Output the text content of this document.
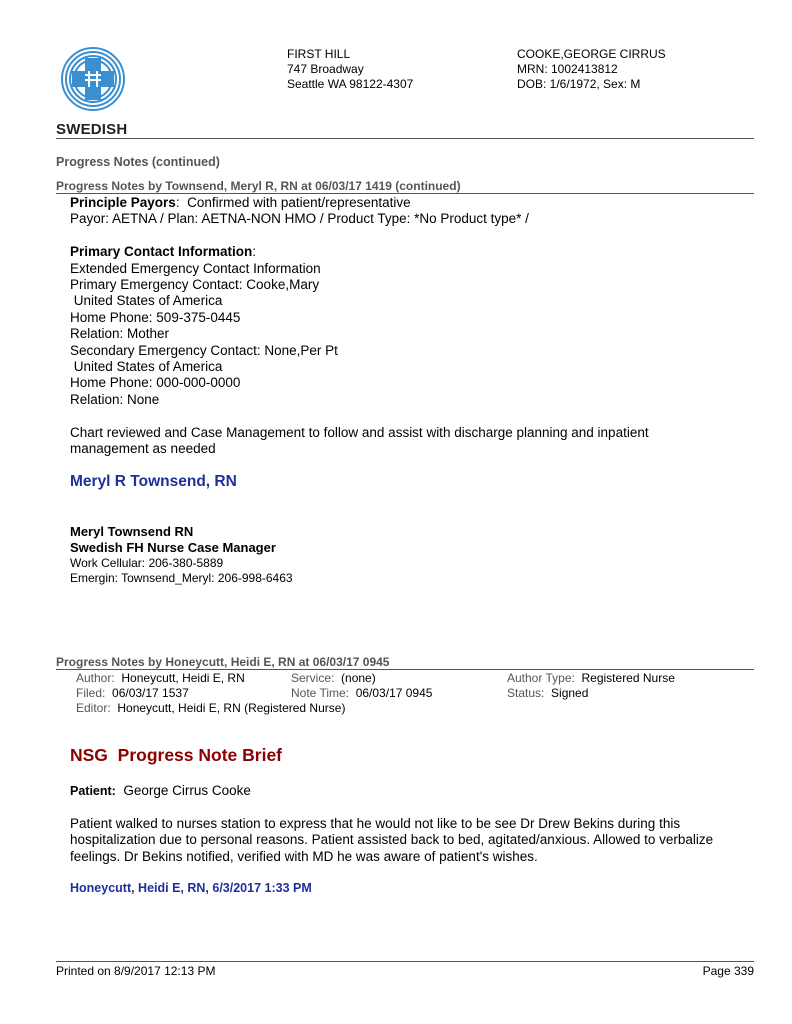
SWEDISH
FIRST HILL
747 Broadway
Seattle WA 98122-4307
COOKE,GEORGE CIRRUS
MRN: 1002413812
DOB: 1/6/1972, Sex: M
Progress Notes (continued)
Progress Notes by Townsend, Meryl R, RN at 06/03/17 1419 (continued)
Principle Payors:  Confirmed with patient/representative
Payor: AETNA / Plan: AETNA-NON HMO / Product Type: *No Product type* /
Primary Contact Information:
Extended Emergency Contact Information
Primary Emergency Contact: Cooke,Mary
United States of America
Home Phone: 509-375-0445
Relation: Mother
Secondary Emergency Contact: None,Per Pt
United States of America
Home Phone: 000-000-0000
Relation: None
Chart reviewed and Case Management to follow and assist with discharge planning and inpatient
management as needed
Meryl R Townsend, RN
Meryl Townsend RN
Swedish FH Nurse Case Manager
Work Cellular: 206-380-5889
Emergin: Townsend_Meryl: 206-998-6463
Progress Notes by Honeycutt, Heidi E, RN at 06/03/17 0945
Author: Honeycutt, Heidi E, RN	Service: (none)	Author Type: Registered Nurse
Filed: 06/03/17 1537	Note Time: 06/03/17 0945	Status: Signed
Editor: Honeycutt, Heidi E, RN (Registered Nurse)
NSG  Progress Note Brief
Patient: George Cirrus Cooke
Patient walked to nurses station to express that he would not like to be see Dr Drew Bekins during this
hospitalization due to personal reasons. Patient assisted back to bed, agitated/anxious. Allowed to verbalize
feelings. Dr Bekins notified, verified with MD he was aware of patient's wishes.
Honeycutt, Heidi E, RN, 6/3/2017 1:33 PM
Printed on 8/9/2017 12:13 PM	Page 339
